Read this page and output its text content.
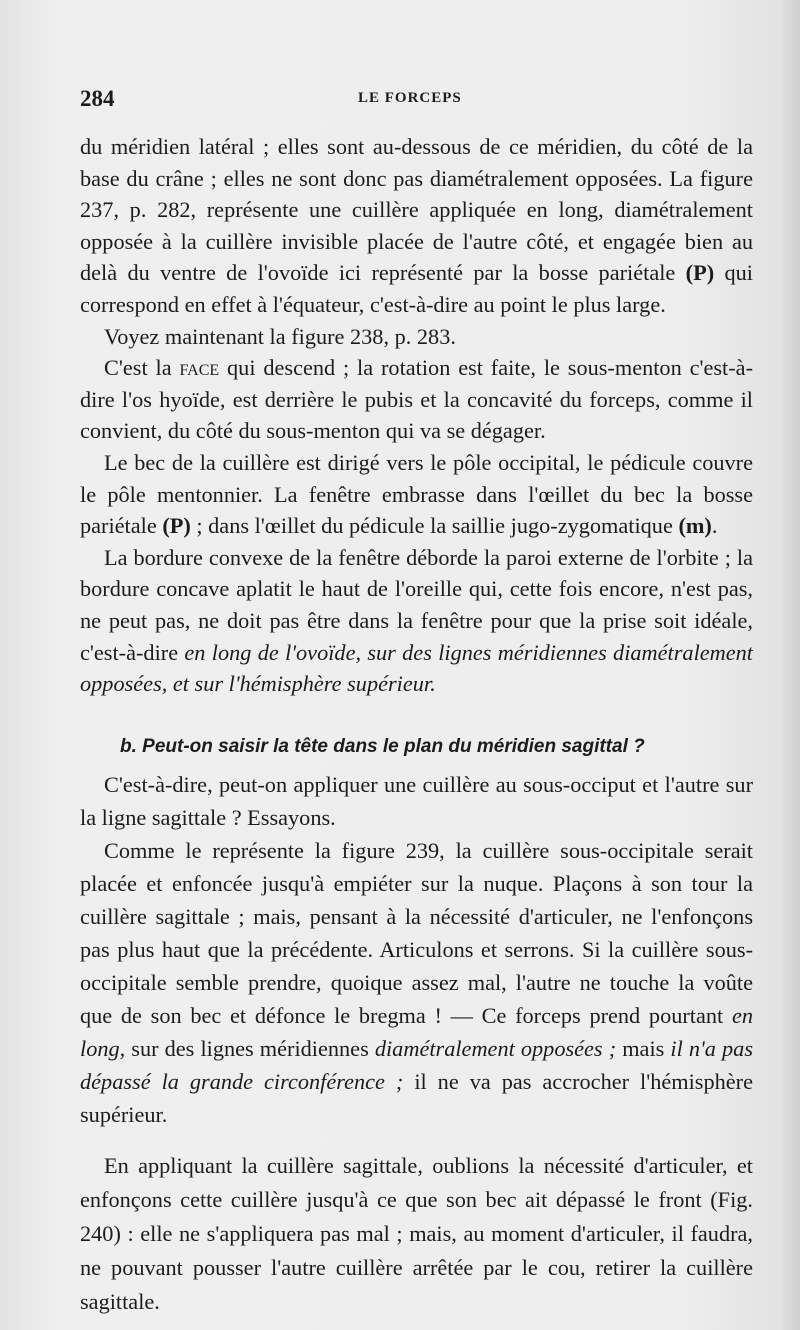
284	LE FORCEPS

du méridien latéral ; elles sont au-dessous de ce méridien, du côté de la base du crâne ; elles ne sont donc pas diamétralement opposées. La figure 237, p. 282, représente une cuillère appliquée en long, diamétralement opposée à la cuillère invisible placée de l'autre côté, et engagée bien au delà du ventre de l'ovoïde ici représenté par la bosse pariétale (P) qui correspond en effet à l'équateur, c'est-à-dire au point le plus large.

Voyez maintenant la figure 238, p. 283.

C'est la face qui descend ; la rotation est faite, le sous-menton c'est-à-dire l'os hyoïde, est derrière le pubis et la concavité du forceps, comme il convient, du côté du sous-menton qui va se dégager.

Le bec de la cuillère est dirigé vers le pôle occipital, le pédicule couvre le pôle mentonnier. La fenêtre embrasse dans l'œillet du bec la bosse pariétale (P) ; dans l'œillet du pédicule la saillie jugo-zygomatique (m).

La bordure convexe de la fenêtre déborde la paroi externe de l'orbite ; la bordure concave aplatit le haut de l'oreille qui, cette fois encore, n'est pas, ne peut pas, ne doit pas être dans la fenêtre pour que la prise soit idéale, c'est-à-dire en long de l'ovoïde, sur des lignes méridiennes diamétralement opposées, et sur l'hémisphère supérieur.

b. Peut-on saisir la tête dans le plan du méridien sagittal ?

C'est-à-dire, peut-on appliquer une cuillère au sous-occiput et l'autre sur la ligne sagittale ? Essayons.

Comme le représente la figure 239, la cuillère sous-occipitale serait placée et enfoncée jusqu'à empiéter sur la nuque. Plaçons à son tour la cuillère sagittale ; mais, pensant à la nécessité d'articuler, ne l'enfonçons pas plus haut que la précédente. Articulons et serrons. Si la cuillère sous-occipitale semble prendre, quoique assez mal, l'autre ne touche la voûte que de son bec et défonce le bregma ! — Ce forceps prend pourtant en long, sur des lignes méridiennes diamétralement opposées ; mais il n'a pas dépassé la grande circonférence ; il ne va pas accrocher l'hémisphère supérieur.

En appliquant la cuillère sagittale, oublions la nécessité d'articuler, et enfonçons cette cuillère jusqu'à ce que son bec ait dépassé le front (Fig. 240) : elle ne s'appliquera pas mal ; mais, au moment d'articuler, il faudra, ne pouvant pousser l'autre cuillère arrêtée par le cou, retirer la cuillère sagittale.
